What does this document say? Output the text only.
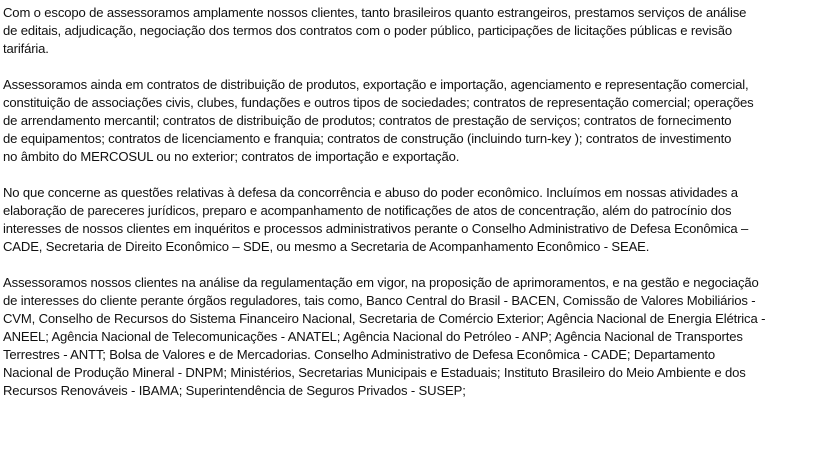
Com o escopo de assessoramos amplamente nossos clientes, tanto brasileiros quanto estrangeiros, prestamos serviços de análise
de editais, adjudicação, negociação dos termos dos contratos com o poder público, participações de licitações públicas e revisão
tarifária.

Assessoramos ainda em contratos de distribuição de produtos, exportação e importação, agenciamento e representação comercial,
constituição de associações civis, clubes, fundações e outros tipos de sociedades; contratos de representação comercial; operações
de arrendamento mercantil; contratos de distribuição de produtos; contratos de prestação de serviços; contratos de fornecimento
de equipamentos; contratos de licenciamento e franquia; contratos de construção (incluindo turn-key ); contratos de investimento
no âmbito do MERCOSUL ou no exterior; contratos de importação e exportação.

No que concerne as questões relativas à defesa da concorrência e abuso do poder econômico. Incluímos em nossas atividades a
elaboração de pareceres jurídicos, preparo e acompanhamento de notificações de atos de concentração, além do patrocínio dos
interesses de nossos clientes em inquéritos e processos administrativos perante o Conselho Administrativo de Defesa Econômica –
CADE, Secretaria de Direito Econômico – SDE, ou mesmo a Secretaria de Acompanhamento Econômico - SEAE.

Assessoramos nossos clientes na análise da regulamentação em vigor, na proposição de aprimoramentos, e na gestão e negociação
de interesses do cliente perante órgãos reguladores, tais como, Banco Central do Brasil - BACEN, Comissão de Valores Mobiliários -
CVM, Conselho de Recursos do Sistema Financeiro Nacional, Secretaria de Comércio Exterior; Agência Nacional de Energia Elétrica -
ANEEL; Agência Nacional de Telecomunicações - ANATEL; Agência Nacional do Petróleo - ANP; Agência Nacional de Transportes
Terrestres - ANTT; Bolsa de Valores e de Mercadorias. Conselho Administrativo de Defesa Econômica - CADE; Departamento
Nacional de Produção Mineral - DNPM; Ministérios, Secretarias Municipais e Estaduais; Instituto Brasileiro do Meio Ambiente e dos
Recursos Renováveis - IBAMA; Superintendência de Seguros Privados - SUSEP;
